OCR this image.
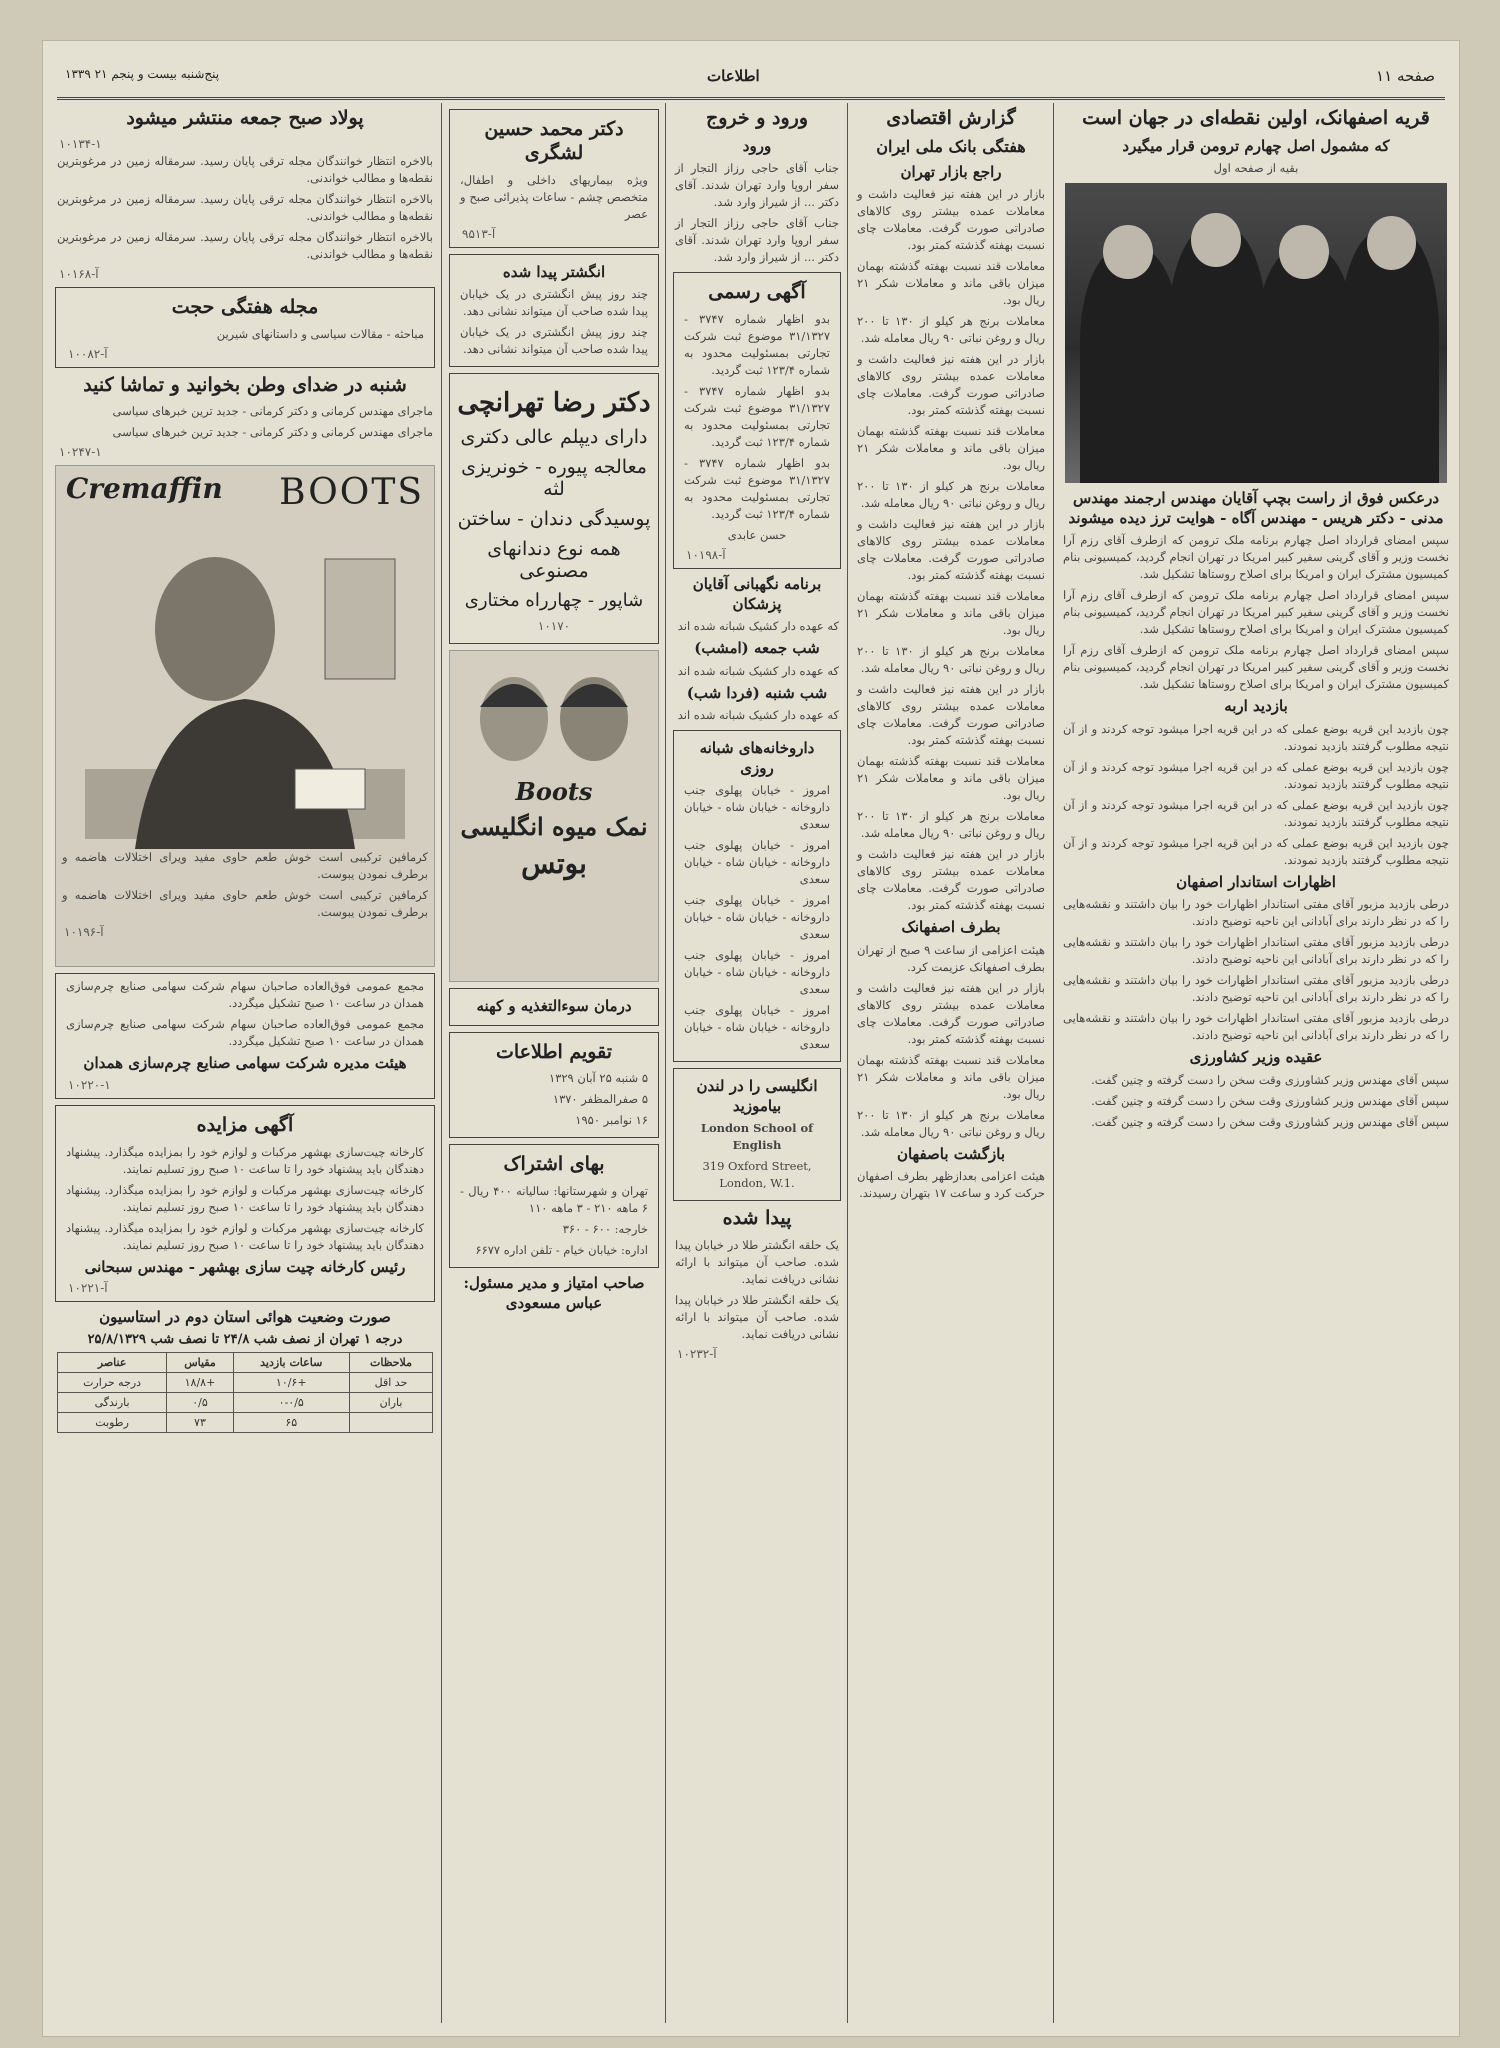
صفحه ۱۱
اطلاعات
پنج‌شنبه بیست و پنجم ۲۱ ۱۳۳۹
قریه اصفهانک، اولین نقطه‌ای در جهان است
که مشمول اصل چهارم ترومن قرار میگیرد

بقیه از صفحه اول

درعکس فوق از راست بچپ آقایان مهندس ارجمند مهندس مدنی - دکتر هریس - مهندس آگاه - هوایت ترز دیده میشوند

سپس امضای قرارداد اصل چهارم برنامه ملک ترومن که ازطرف آقای رزم آرا نخست وزیر و آقای گرینی سفیر کبیر امریکا در تهران انجام گردید، کمیسیونی بنام کمیسیون مشترک ایران و امریکا برای اصلاح روستاها تشکیل شد.

سپس امضای قرارداد اصل چهارم برنامه ملک ترومن که ازطرف آقای رزم آرا نخست وزیر و آقای گرینی سفیر کبیر امریکا در تهران انجام گردید، کمیسیونی بنام کمیسیون مشترک ایران و امریکا برای اصلاح روستاها تشکیل شد.

سپس امضای قرارداد اصل چهارم برنامه ملک ترومن که ازطرف آقای رزم آرا نخست وزیر و آقای گرینی سفیر کبیر امریکا در تهران انجام گردید، کمیسیونی بنام کمیسیون مشترک ایران و امریکا برای اصلاح روستاها تشکیل شد.

بازدید اربه

چون بازدید این قریه بوضع عملی که در این قریه اجرا میشود توجه کردند و از آن نتیجه مطلوب گرفتند بازدید نمودند.

چون بازدید این قریه بوضع عملی که در این قریه اجرا میشود توجه کردند و از آن نتیجه مطلوب گرفتند بازدید نمودند.

چون بازدید این قریه بوضع عملی که در این قریه اجرا میشود توجه کردند و از آن نتیجه مطلوب گرفتند بازدید نمودند.

چون بازدید این قریه بوضع عملی که در این قریه اجرا میشود توجه کردند و از آن نتیجه مطلوب گرفتند بازدید نمودند.

اظهارات استاندار اصفهان

درطی بازدید مزبور آقای مفتی استاندار اظهارات خود را بیان داشتند و نقشه‌هایی را که در نظر دارند برای آبادانی این ناحیه توضیح دادند.

درطی بازدید مزبور آقای مفتی استاندار اظهارات خود را بیان داشتند و نقشه‌هایی را که در نظر دارند برای آبادانی این ناحیه توضیح دادند.

درطی بازدید مزبور آقای مفتی استاندار اظهارات خود را بیان داشتند و نقشه‌هایی را که در نظر دارند برای آبادانی این ناحیه توضیح دادند.

درطی بازدید مزبور آقای مفتی استاندار اظهارات خود را بیان داشتند و نقشه‌هایی را که در نظر دارند برای آبادانی این ناحیه توضیح دادند.

عقیده وزیر کشاورزی

سپس آقای مهندس وزیر کشاورزی وقت سخن را دست گرفته و چنین گفت.

سپس آقای مهندس وزیر کشاورزی وقت سخن را دست گرفته و چنین گفت.

سپس آقای مهندس وزیر کشاورزی وقت سخن را دست گرفته و چنین گفت.

گزارش اقتصادی
هفتگی بانک ملی ایران
راجع بازار تهران

بازار در این هفته نیز فعالیت داشت و معاملات عمده بیشتر روی کالاهای صادراتی صورت گرفت. معاملات چای نسبت بهفته گذشته کمتر بود.

معاملات قند نسبت بهفته گذشته بهمان میزان باقی ماند و معاملات شکر ۲۱ ریال بود.

معاملات برنج هر کیلو از ۱۳۰ تا ۲۰۰ ریال و روغن نباتی ۹۰ ریال معامله شد.

بازار در این هفته نیز فعالیت داشت و معاملات عمده بیشتر روی کالاهای صادراتی صورت گرفت. معاملات چای نسبت بهفته گذشته کمتر بود.

معاملات قند نسبت بهفته گذشته بهمان میزان باقی ماند و معاملات شکر ۲۱ ریال بود.

معاملات برنج هر کیلو از ۱۳۰ تا ۲۰۰ ریال و روغن نباتی ۹۰ ریال معامله شد.

بازار در این هفته نیز فعالیت داشت و معاملات عمده بیشتر روی کالاهای صادراتی صورت گرفت. معاملات چای نسبت بهفته گذشته کمتر بود.

معاملات قند نسبت بهفته گذشته بهمان میزان باقی ماند و معاملات شکر ۲۱ ریال بود.

معاملات برنج هر کیلو از ۱۳۰ تا ۲۰۰ ریال و روغن نباتی ۹۰ ریال معامله شد.

بازار در این هفته نیز فعالیت داشت و معاملات عمده بیشتر روی کالاهای صادراتی صورت گرفت. معاملات چای نسبت بهفته گذشته کمتر بود.

معاملات قند نسبت بهفته گذشته بهمان میزان باقی ماند و معاملات شکر ۲۱ ریال بود.

معاملات برنج هر کیلو از ۱۳۰ تا ۲۰۰ ریال و روغن نباتی ۹۰ ریال معامله شد.

بازار در این هفته نیز فعالیت داشت و معاملات عمده بیشتر روی کالاهای صادراتی صورت گرفت. معاملات چای نسبت بهفته گذشته کمتر بود.

بطرف اصفهانک

هیئت اعزامی از ساعت ۹ صبح از تهران بطرف اصفهانک عزیمت کرد.

بازار در این هفته نیز فعالیت داشت و معاملات عمده بیشتر روی کالاهای صادراتی صورت گرفت. معاملات چای نسبت بهفته گذشته کمتر بود.

معاملات قند نسبت بهفته گذشته بهمان میزان باقی ماند و معاملات شکر ۲۱ ریال بود.

معاملات برنج هر کیلو از ۱۳۰ تا ۲۰۰ ریال و روغن نباتی ۹۰ ریال معامله شد.

بازگشت باصفهان

هیئت اعزامی بعدازظهر بطرف اصفهان حرکت کرد و ساعت ۱۷ بتهران رسیدند.

ورود و خروج
ورود

جناب آقای حاجی رزاز التجار از سفر اروپا وارد تهران شدند. آقای دکتر ... از شیراز وارد شد.

جناب آقای حاجی رزاز التجار از سفر اروپا وارد تهران شدند. آقای دکتر ... از شیراز وارد شد.

آگهی رسمی

بدو اظهار شماره ۳۷۴۷ - ۳۱/۱۳۲۷ موضوع ثبت شرکت تجارتی بمسئولیت محدود به شماره ۱۲۳/۴ ثبت گردید.

بدو اظهار شماره ۳۷۴۷ - ۳۱/۱۳۲۷ موضوع ثبت شرکت تجارتی بمسئولیت محدود به شماره ۱۲۳/۴ ثبت گردید.

بدو اظهار شماره ۳۷۴۷ - ۳۱/۱۳۲۷ موضوع ثبت شرکت تجارتی بمسئولیت محدود به شماره ۱۲۳/۴ ثبت گردید.

حسن عابدی

آ-۱۰۱۹۸
برنامه نگهبانی آقایان پزشکان

که عهده دار کشیک شبانه شده اند

شب جمعه (امشب)

که عهده دار کشیک شبانه شده اند

شب شنبه (فردا شب)

که عهده دار کشیک شبانه شده اند

داروخانه‌های شبانه روزی

امروز - خیابان پهلوی جنب داروخانه - خیابان شاه - خیابان سعدی

امروز - خیابان پهلوی جنب داروخانه - خیابان شاه - خیابان سعدی

امروز - خیابان پهلوی جنب داروخانه - خیابان شاه - خیابان سعدی

امروز - خیابان پهلوی جنب داروخانه - خیابان شاه - خیابان سعدی

امروز - خیابان پهلوی جنب داروخانه - خیابان شاه - خیابان سعدی

انگلیسی را در لندن بیاموزید

London School of English

319 Oxford Street, London, W.1.

پیدا شده

یک حلقه انگشتر طلا در خیابان پیدا شده. صاحب آن میتواند با ارائه نشانی دریافت نماید.

یک حلقه انگشتر طلا در خیابان پیدا شده. صاحب آن میتواند با ارائه نشانی دریافت نماید.

آ-۱۰۲۳۲
دکتر محمد حسین لشگری

ویژه بیماریهای داخلی و اطفال، متخصص چشم - ساعات پذیرائی صبح و عصر

آ-۹۵۱۳
انگشتر پیدا شده

چند روز پیش انگشتری در یک خیابان پیدا شده صاحب آن میتواند نشانی دهد.

چند روز پیش انگشتری در یک خیابان پیدا شده صاحب آن میتواند نشانی دهد.

دکتر رضا تهرانچی
دارای دیپلم عالی دکتری
معالجه پیوره - خونریزی لثه
پوسیدگی دندان - ساختن
همه نوع دندانهای مصنوعی
شاپور - چهارراه مختاری
۱۰۱۷۰
Boots
نمک میوه انگلیسی
بوتس
درمان سوءالتغذیه و کهنه
تقویم اطلاعات

۵ شنبه ۲۵ آبان ۱۳۲۹

۵ صفرالمظفر ۱۳۷۰

۱۶ نوامبر ۱۹۵۰

بهای اشتراک

تهران و شهرستانها: سالیانه ۴۰۰ ریال - ۶ ماهه ۲۱۰ - ۳ ماهه ۱۱۰

خارجه: ۶۰۰ - ۳۶۰

اداره: خیابان خیام - تلفن اداره ۶۶۷۷

صاحب امتیاز و مدیر مسئول: عباس مسعودی
پولاد صبح جمعه منتشر میشود
۱۰۱۳۴-۱

بالاخره انتظار خوانندگان مجله ترقی پایان رسید. سرمقاله زمین در مرغوبترین نقطه‌ها و مطالب خواندنی.

بالاخره انتظار خوانندگان مجله ترقی پایان رسید. سرمقاله زمین در مرغوبترین نقطه‌ها و مطالب خواندنی.

بالاخره انتظار خوانندگان مجله ترقی پایان رسید. سرمقاله زمین در مرغوبترین نقطه‌ها و مطالب خواندنی.

آ-۱۰۱۶۸
مجله هفتگی حجت

مباحثه - مقالات سیاسی و داستانهای شیرین

آ-۱۰۰۸۲
شنبه در ضدای وطن بخوانید و تماشا کنید

ماجرای مهندس کرمانی و دکتر کرمانی - جدید ترین خبرهای سیاسی

ماجرای مهندس کرمانی و دکتر کرمانی - جدید ترین خبرهای سیاسی

۱۰۲۴۷-۱
Cremaffin BOOTS

کرمافین ترکیبی است خوش طعم حاوی مفید ویرای اختلالات هاضمه و برطرف نمودن یبوست.

کرمافین ترکیبی است خوش طعم حاوی مفید ویرای اختلالات هاضمه و برطرف نمودن یبوست.

آ-۱۰۱۹۶

مجمع عمومی فوق‌العاده صاحبان سهام شرکت سهامی صنایع چرم‌سازی همدان در ساعت ۱۰ صبح تشکیل میگردد.

مجمع عمومی فوق‌العاده صاحبان سهام شرکت سهامی صنایع چرم‌سازی همدان در ساعت ۱۰ صبح تشکیل میگردد.

هیئت مدیره شرکت سهامی صنایع چرم‌سازی همدان
۱۰۲۲۰-۱
آگهی مزایده

کارخانه چیت‌سازی بهشهر مرکبات و لوازم خود را بمزایده میگذارد. پیشنهاد دهندگان باید پیشنهاد خود را تا ساعت ۱۰ صبح روز تسلیم نمایند.

کارخانه چیت‌سازی بهشهر مرکبات و لوازم خود را بمزایده میگذارد. پیشنهاد دهندگان باید پیشنهاد خود را تا ساعت ۱۰ صبح روز تسلیم نمایند.

کارخانه چیت‌سازی بهشهر مرکبات و لوازم خود را بمزایده میگذارد. پیشنهاد دهندگان باید پیشنهاد خود را تا ساعت ۱۰ صبح روز تسلیم نمایند.

رئیس کارخانه چیت سازی بهشهر - مهندس سبحانی
آ-۱۰۲۲۱
صورت وضعیت هوائی استان دوم در استاسیون
درجه ۱ تهران از نصف شب ۲۴/۸ تا نصف شب ۲۵/۸/۱۳۲۹
ملاحظات	ساعات بازدید	مقیاس	عناصر
حد اقل	+۱۰/۶	+۱۸/۸	درجه حرارت
باران	۰-۰/۵	۰/۵	بارندگی
	۶۵	۷۳	رطوبت
